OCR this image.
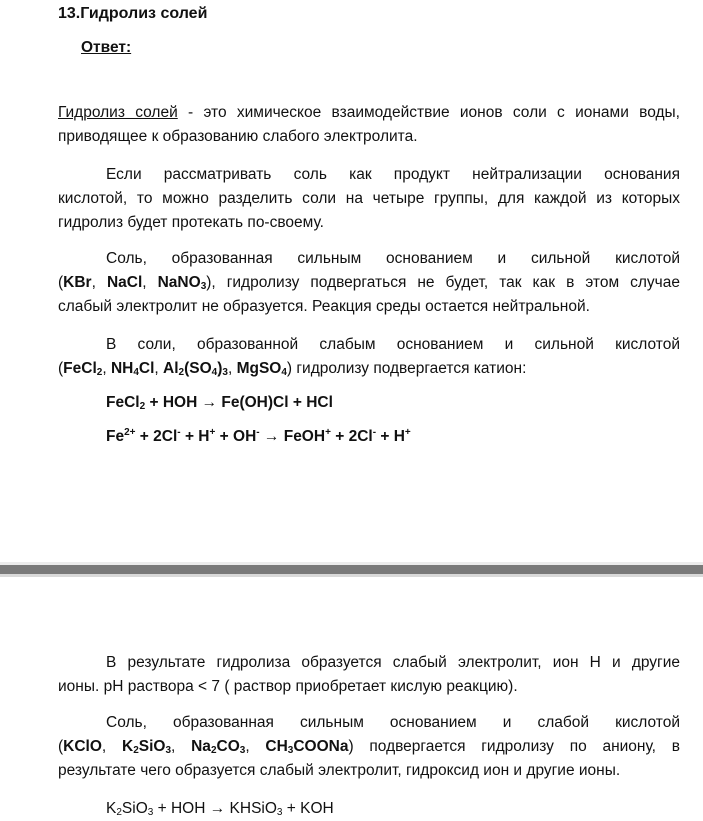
13.Гидролиз солей

Ответ:

Гидролиз солей - это химическое взаимодействие ионов соли с ионами воды,

приводящее к образованию слабого электролита.

Если рассматривать соль как продукт нейтрализации основания

кислотой, то можно разделить соли на четыре группы, для каждой из которых

гидролиз будет протекать по-своему.

Соль, образованная сильным основанием и сильной кислотой

(KBr, NaCl, NaNO$_3$), гидролизу подвергаться не будет, так как в этом случае

слабый электролит не образуется. Реакция среды остается нейтральной.

В соли, образованной слабым основанием и сильной кислотой

(FeCl$_2$, $NH_4Cl$, $Al_2(SO_4)_3$, MgSO$_4$) гидролизу подвергается катион:

FeCl$_2$ + HOH → Fe(OH)Cl + HCl

$Fe^{2+} + 2Cl^- + H^+ + OH^-$ → FeOH+ + 2Cl- + H+

В результате гидролиза образуется слабый электролит, ион Н и другие

ионы. рН раствора < 7 ( раствор приобретает кислую реакцию).

Соль, образованная сильным основанием и слабой кислотой

(KClO, $K_2SiO_3$, $Na_2CO_3$, $CH_3COONa$) подвергается гидролизу по аниону, в

результате чего образуется слабый электролит, гидроксид ион и другие ионы.

$K_2SiO_3$ + HOH → KHSiO$_3$ + KOH
